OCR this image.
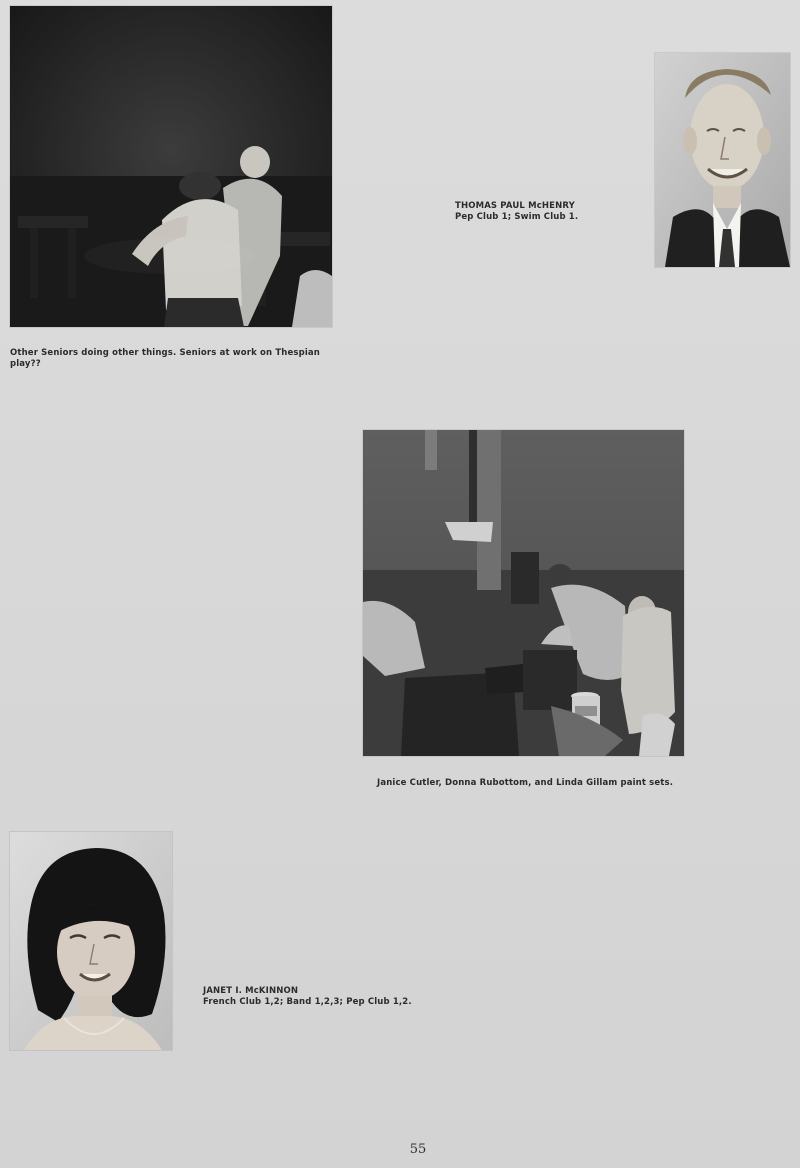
Other Seniors doing other things. Seniors at work on Thespian play??
THOMAS PAUL McHENRY
Pep Club 1; Swim Club 1.
Janice Cutler, Donna Rubottom, and Linda Gillam paint sets.
JANET I. McKINNON
French Club 1,2; Band 1,2,3; Pep Club 1,2.
55
